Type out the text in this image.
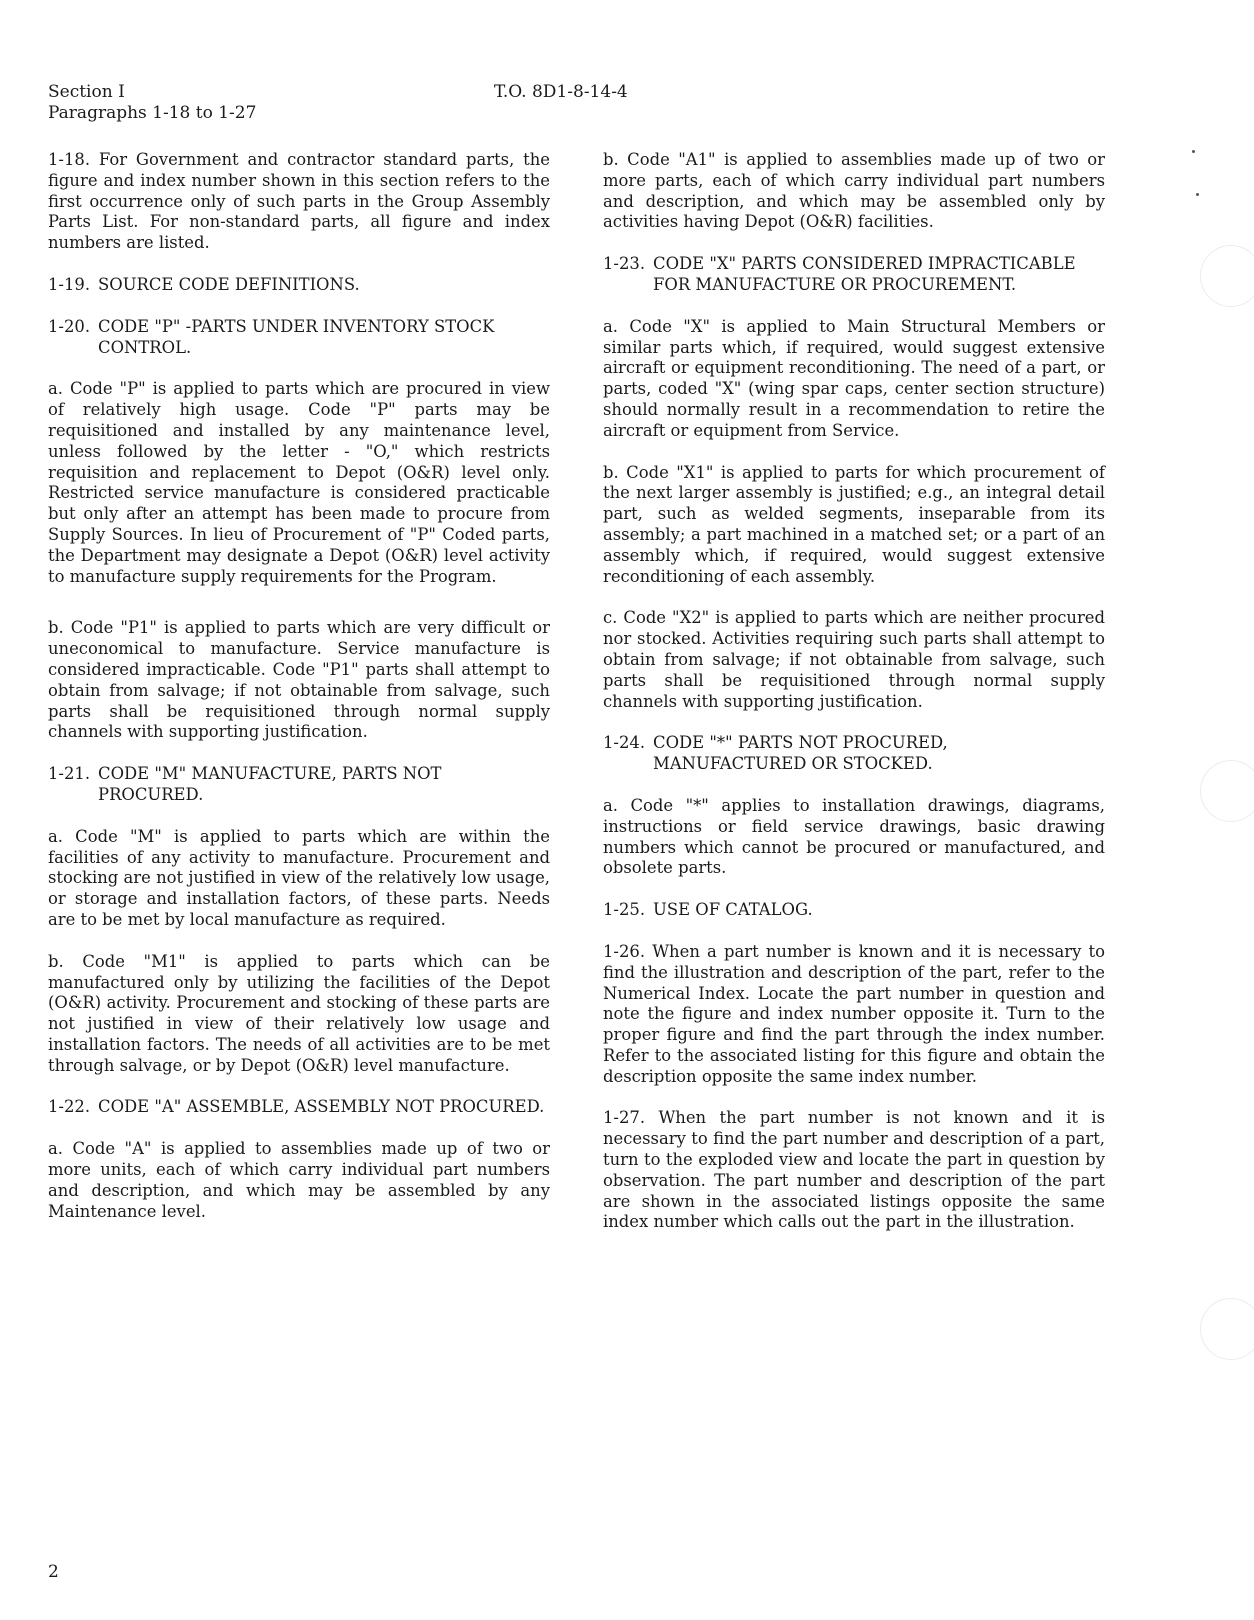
Section I
Paragraphs 1-18 to 1-27
T.O. 8D1-8-14-4

1-18. For Government and contractor standard parts, the figure and index number shown in this section refers to the first occurrence only of such parts in the Group Assembly Parts List. For non-standard parts, all figure and index numbers are listed.

1-19. SOURCE CODE DEFINITIONS.
1-20. CODE "P" -PARTS UNDER INVENTORY STOCK CONTROL.

a. Code "P" is applied to parts which are procured in view of relatively high usage. Code "P" parts may be requisitioned and installed by any maintenance level, unless followed by the letter - "O," which restricts requisition and replacement to Depot (O&R) level only. Restricted service manufacture is considered practicable but only after an attempt has been made to procure from Supply Sources. In lieu of Procurement of "P" Coded parts, the Department may designate a Depot (O&R) level activity to manufacture supply requirements for the Program.

b. Code "P1" is applied to parts which are very difficult or uneconomical to manufacture. Service manufacture is considered impracticable. Code "P1" parts shall attempt to obtain from salvage; if not obtainable from salvage, such parts shall be requisitioned through normal supply channels with supporting justification.

1-21. CODE "M" MANUFACTURE, PARTS NOT PROCURED.

a. Code "M" is applied to parts which are within the facilities of any activity to manufacture. Procurement and stocking are not justified in view of the relatively low usage, or storage and installation factors, of these parts. Needs are to be met by local manufacture as required.

b. Code "M1" is applied to parts which can be manufactured only by utilizing the facilities of the Depot (O&R) activity. Procurement and stocking of these parts are not justified in view of their relatively low usage and installation factors. The needs of all activities are to be met through salvage, or by Depot (O&R) level manufacture.

1-22. CODE "A" ASSEMBLE, ASSEMBLY NOT PROCURED.

a. Code "A" is applied to assemblies made up of two or more units, each of which carry individual part numbers and description, and which may be assembled by any Maintenance level.

b. Code "A1" is applied to assemblies made up of two or more parts, each of which carry individual part numbers and description, and which may be assembled only by activities having Depot (O&R) facilities.

1-23. CODE "X" PARTS CONSIDERED IMPRACTICABLE FOR MANUFACTURE OR PROCUREMENT.

a. Code "X" is applied to Main Structural Members or similar parts which, if required, would suggest extensive aircraft or equipment reconditioning. The need of a part, or parts, coded "X" (wing spar caps, center section structure) should normally result in a recommendation to retire the aircraft or equipment from Service.

b. Code "X1" is applied to parts for which procurement of the next larger assembly is justified; e.g., an integral detail part, such as welded segments, inseparable from its assembly; a part machined in a matched set; or a part of an assembly which, if required, would suggest extensive reconditioning of each assembly.

c. Code "X2" is applied to parts which are neither procured nor stocked. Activities requiring such parts shall attempt to obtain from salvage; if not obtainable from salvage, such parts shall be requisitioned through normal supply channels with supporting justification.

1-24. CODE "*" PARTS NOT PROCURED, MANUFACTURED OR STOCKED.

a. Code "*" applies to installation drawings, diagrams, instructions or field service drawings, basic drawing numbers which cannot be procured or manufactured, and obsolete parts.

1-25. USE OF CATALOG.

1-26. When a part number is known and it is necessary to find the illustration and description of the part, refer to the Numerical Index. Locate the part number in question and note the figure and index number opposite it. Turn to the proper figure and find the part through the index number. Refer to the associated listing for this figure and obtain the description opposite the same index number.

1-27. When the part number is not known and it is necessary to find the part number and description of a part, turn to the exploded view and locate the part in question by observation. The part number and description of the part are shown in the associated listings opposite the same index number which calls out the part in the illustration.

2
